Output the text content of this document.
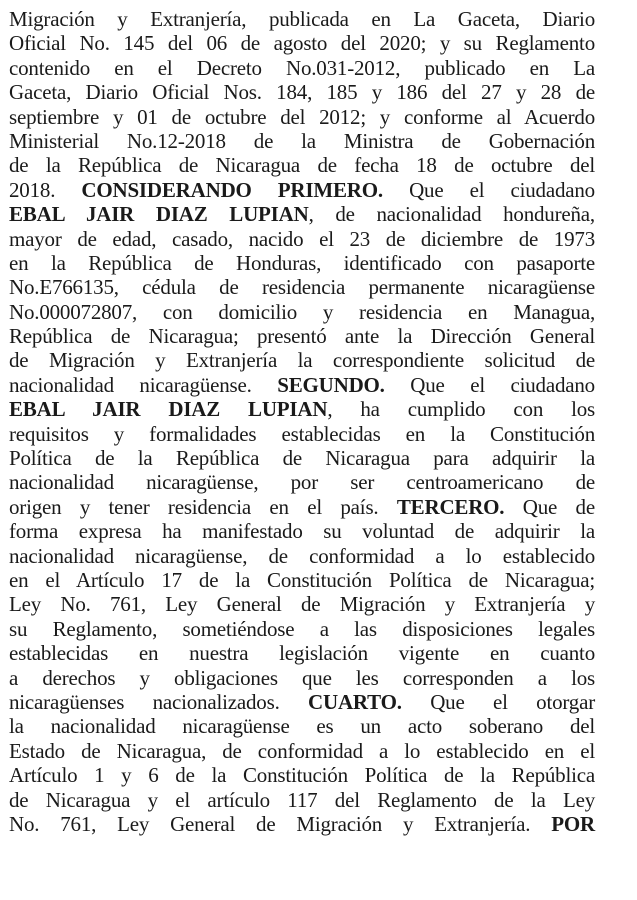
Migración y Extranjería, publicada en La Gaceta, Diario
Oficial No. 145 del 06 de agosto del 2020; y su Reglamento
contenido en el Decreto No.031-2012, publicado en La
Gaceta, Diario Oficial Nos. 184, 185 y 186 del 27 y 28 de
septiembre y 01 de octubre del 2012; y conforme al Acuerdo
Ministerial No.12-2018 de la Ministra de Gobernación
de la República de Nicaragua de fecha 18 de octubre del
2018. CONSIDERANDO PRIMERO. Que el ciudadano
EBAL JAIR DIAZ LUPIAN, de nacionalidad hondureña,
mayor de edad, casado, nacido el 23 de diciembre de 1973
en la República de Honduras, identificado con pasaporte
No.E766135, cédula de residencia permanente nicaragüense
No.000072807, con domicilio y residencia en Managua,
República de Nicaragua; presentó ante la Dirección General
de Migración y Extranjería la correspondiente solicitud de
nacionalidad nicaragüense. SEGUNDO. Que el ciudadano
EBAL JAIR DIAZ LUPIAN, ha cumplido con los
requisitos y formalidades establecidas en la Constitución
Política de la República de Nicaragua para adquirir la
nacionalidad nicaragüense, por ser centroamericano de
origen y tener residencia en el país. TERCERO. Que de
forma expresa ha manifestado su voluntad de adquirir la
nacionalidad nicaragüense, de conformidad a lo establecido
en el Artículo 17 de la Constitución Política de Nicaragua;
Ley No. 761, Ley General de Migración y Extranjería y
su Reglamento, sometiéndose a las disposiciones legales
establecidas en nuestra legislación vigente en cuanto
a derechos y obligaciones que les corresponden a los
nicaragüenses nacionalizados. CUARTO. Que el otorgar
la nacionalidad nicaragüense es un acto soberano del
Estado de Nicaragua, de conformidad a lo establecido en el
Artículo 1 y 6 de la Constitución Política de la República
de Nicaragua y el artículo 117 del Reglamento de la Ley
No. 761, Ley General de Migración y Extranjería. POR
